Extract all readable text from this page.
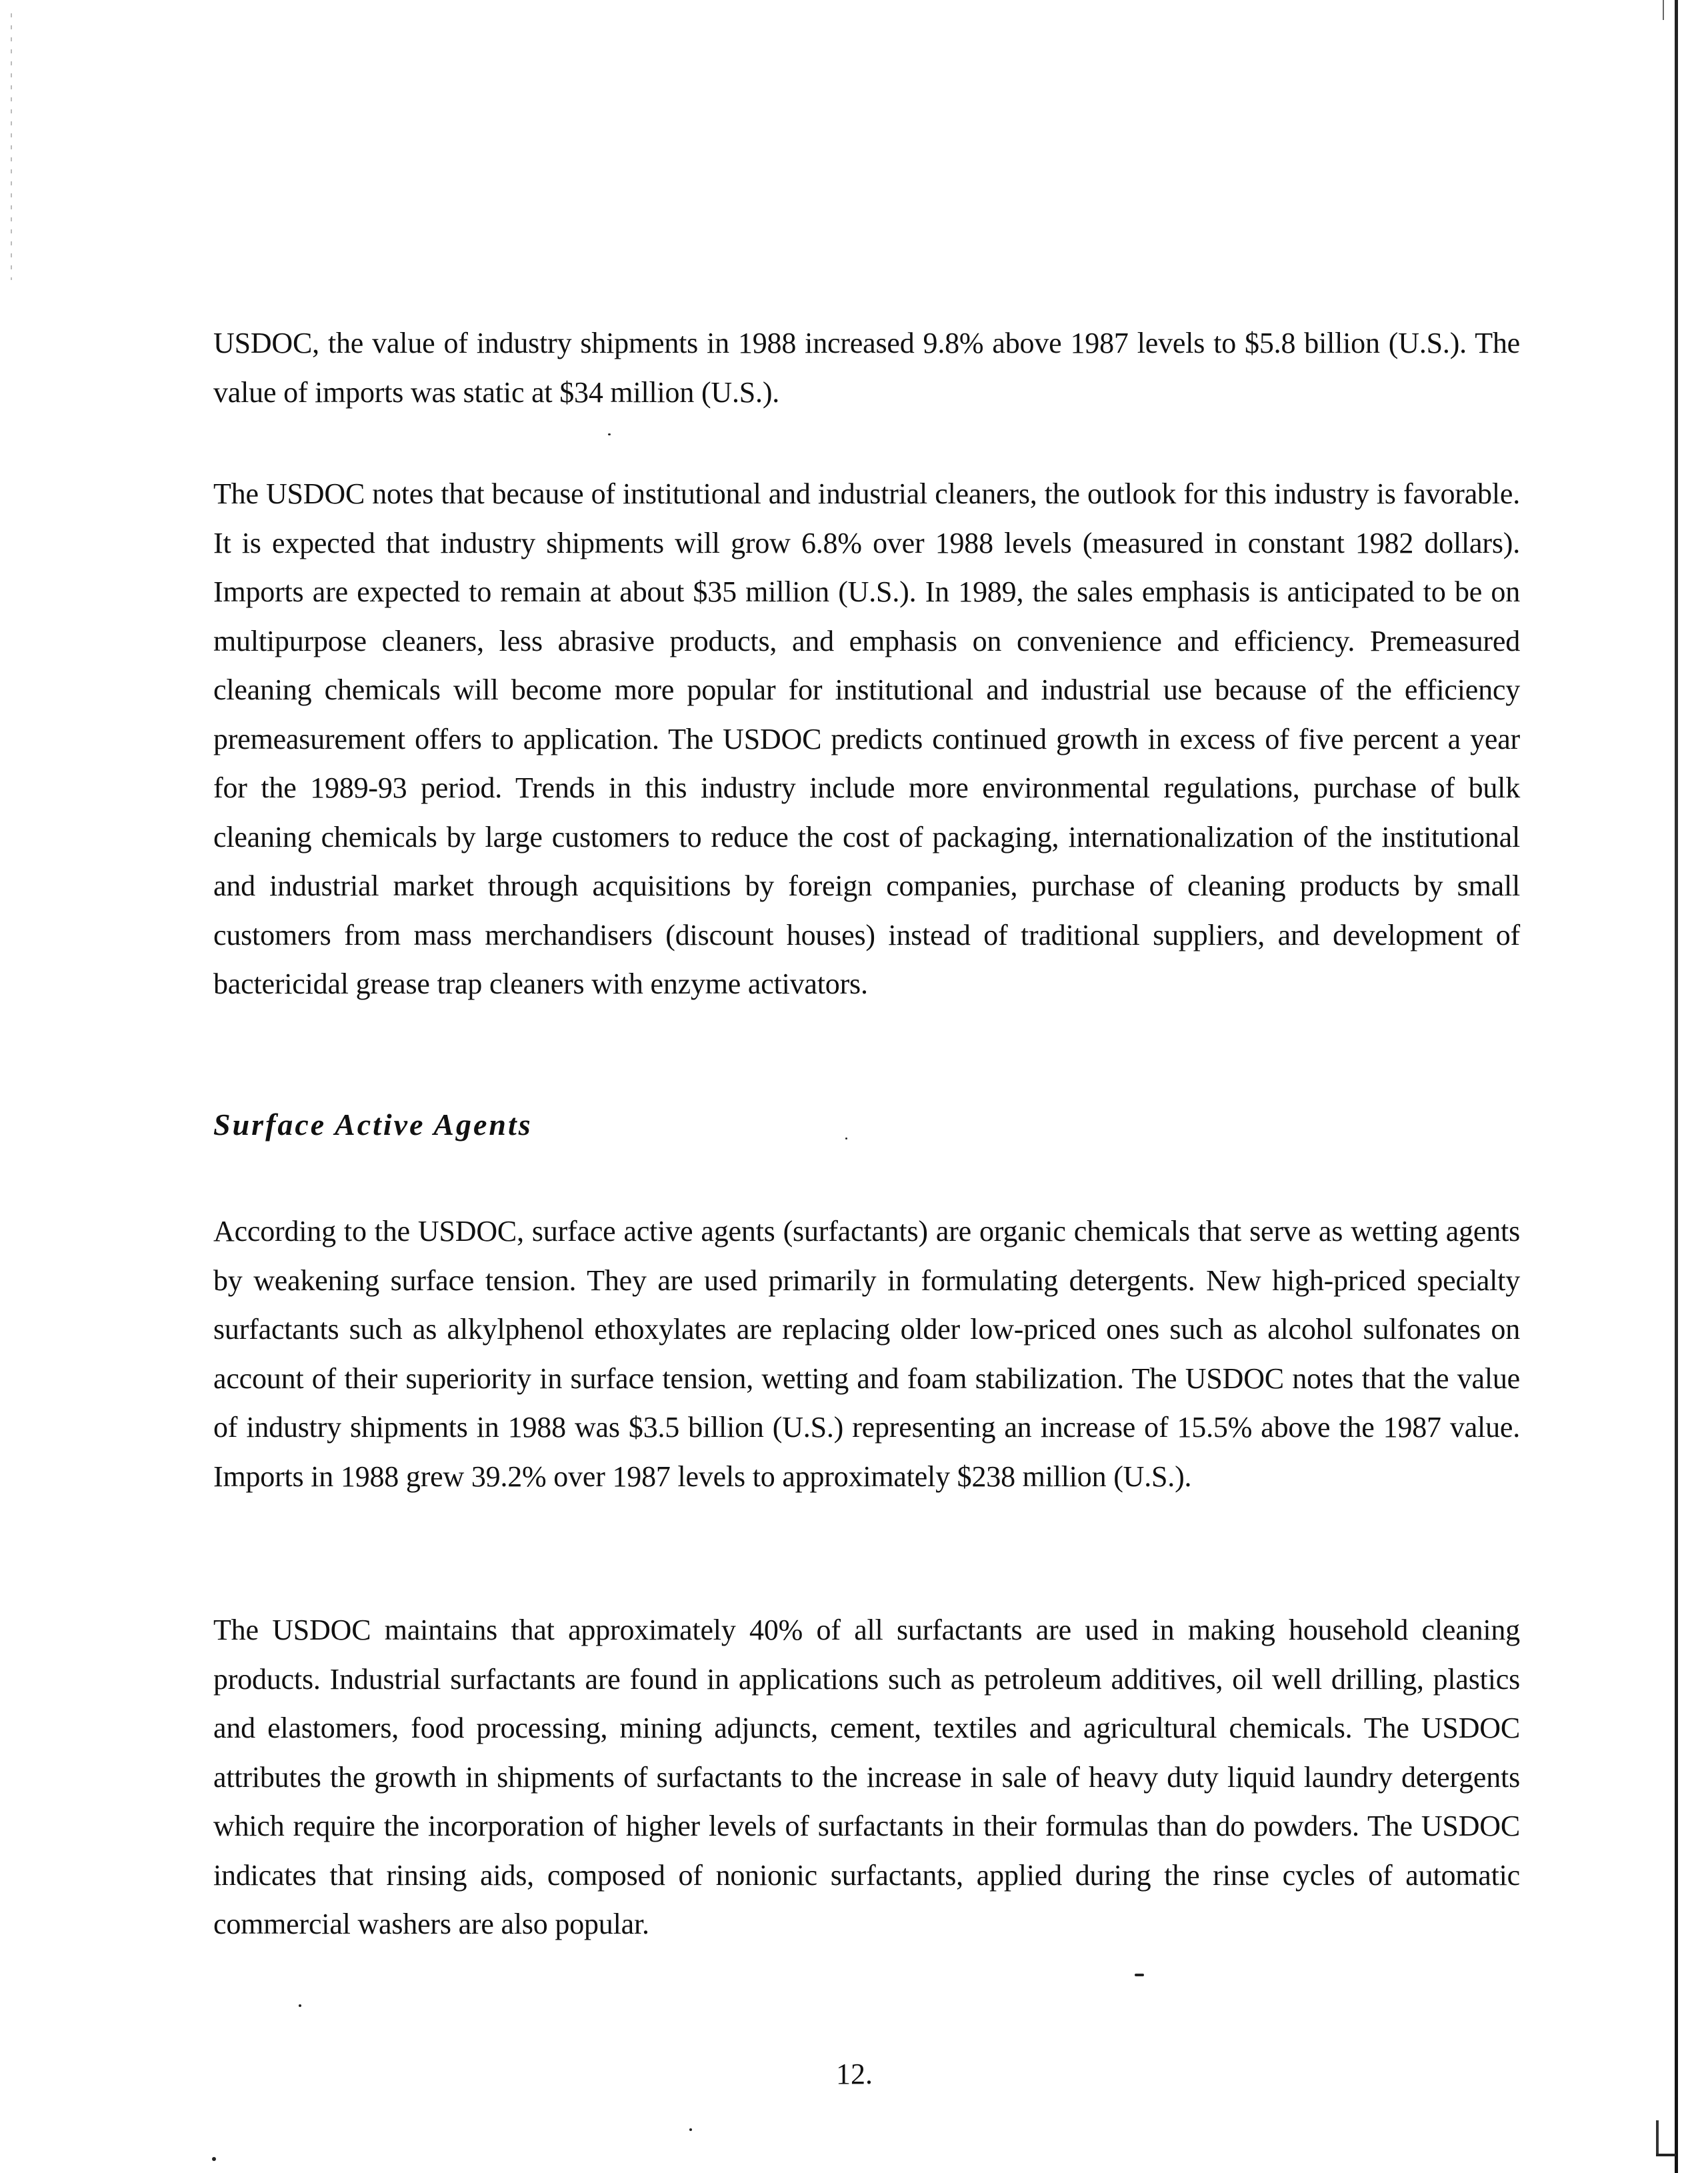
USDOC, the value of industry shipments in 1988 increased 9.8% above 1987 levels to $5.8 billion (U.S.). The value of imports was static at $34 million (U.S.).

The USDOC notes that because of institutional and industrial cleaners, the outlook for this industry is favorable. It is expected that industry shipments will grow 6.8% over 1988 levels (measured in constant 1982 dollars). Imports are expected to remain at about $35 million (U.S.). In 1989, the sales emphasis is anticipated to be on multipurpose cleaners, less abrasive products, and emphasis on convenience and efficiency. Premeasured cleaning chemicals will become more popular for institutional and industrial use because of the efficiency premeasurement offers to application. The USDOC predicts continued growth in excess of five percent a year for the 1989-93 period. Trends in this industry include more environmental regulations, purchase of bulk cleaning chemicals by large customers to reduce the cost of packaging, internationalization of the institutional and industrial market through acquisitions by foreign companies, purchase of cleaning products by small customers from mass merchandisers (discount houses) instead of traditional suppliers, and development of bactericidal grease trap cleaners with enzyme activators.

Surface Active Agents

According to the USDOC, surface active agents (surfactants) are organic chemicals that serve as wetting agents by weakening surface tension. They are used primarily in formulating detergents. New high-priced specialty surfactants such as alkylphenol ethoxylates are replacing older low-priced ones such as alcohol sulfonates on account of their superiority in surface tension, wetting and foam stabilization. The USDOC notes that the value of industry shipments in 1988 was $3.5 billion (U.S.) representing an increase of 15.5% above the 1987 value. Imports in 1988 grew 39.2% over 1987 levels to approximately $238 million (U.S.).

The USDOC maintains that approximately 40% of all surfactants are used in making household cleaning products. Industrial surfactants are found in applications such as petroleum additives, oil well drilling, plastics and elastomers, food processing, mining adjuncts, cement, textiles and agricultural chemicals. The USDOC attributes the growth in shipments of surfactants to the increase in sale of heavy duty liquid laundry detergents which require the incorporation of higher levels of surfactants in their formulas than do powders. The USDOC indicates that rinsing aids, composed of nonionic surfactants, applied during the rinse cycles of automatic commercial washers are also popular.

12.
